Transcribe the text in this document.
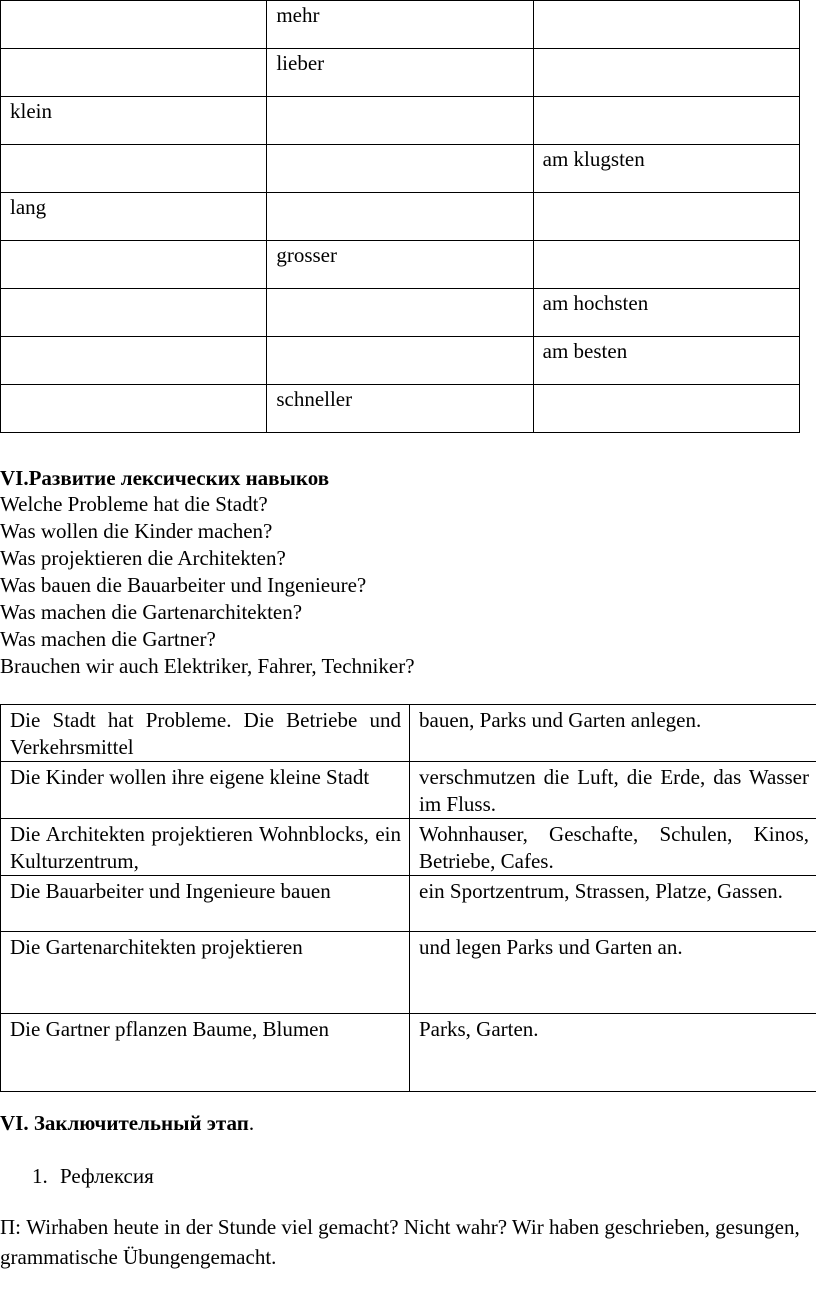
	mehr	

	lieber	

klein		

		am klugsten

lang		

	grosser	

		am hochsten

		am besten

	schneller	

VI.Развитие лексических навыков
Welche Probleme hat die Stadt?
Was wollen die Kinder machen?
Was projektieren die Architekten?
Was bauen die Bauarbeiter und Ingenieure?
Was machen die Gartenarchitekten?
Was machen die Gartner?
Brauchen wir auch Elektriker, Fahrer, Techniker?
Die Stadt hat Probleme. Die Betriebe und Verkehrsmittel	bauen, Parks und Garten anlegen.
Die Kinder wollen ihre eigene kleine Stadt	verschmutzen die Luft, die Erde, das Wasser im Fluss.
Die Architekten projektieren Wohnblocks, ein Kulturzentrum,	Wohnhauser, Geschafte, Schulen, Kinos, Betriebe, Cafes.
Die Bauarbeiter und Ingenieure bauen	ein Sportzentrum, Strassen, Platze, Gassen.
Die Gartenarchitekten projektieren	und legen Parks und Garten an.
Die Gartner pflanzen Baume, Blumen	Parks, Garten.
VI. Заключительный этап.
1. Рефлексия

П: Wirhaben heute in der Stunde viel gemacht? Nicht wahr? Wir haben geschrieben, gesungen, grammatische Übungengemacht.
